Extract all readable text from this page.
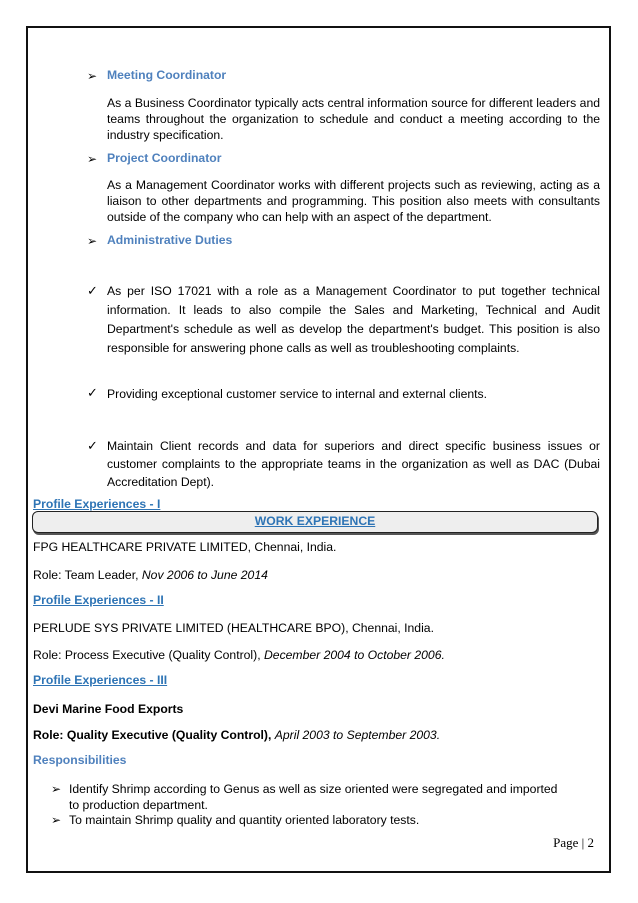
➢ Meeting Coordinator
As a Business Coordinator typically acts central information source for different leaders and teams throughout the organization to schedule and conduct a meeting according to the industry specification.
➢ Project Coordinator
As a Management Coordinator works with different projects such as reviewing, acting as a liaison to other departments and programming. This position also meets with consultants outside of the company who can help with an aspect of the department.
➢ Administrative Duties
✓ As per ISO 17021 with a role as a Management Coordinator to put together technical information. It leads to also compile the Sales and Marketing, Technical and Audit Department's schedule as well as develop the department's budget. This position is also responsible for answering phone calls as well as troubleshooting complaints.
✓ Providing exceptional customer service to internal and external clients.
✓ Maintain Client records and data for superiors and direct specific business issues or customer complaints to the appropriate teams in the organization as well as DAC (Dubai Accreditation Dept).
Profile Experiences - I
WORK EXPERIENCE
FPG HEALTHCARE PRIVATE LIMITED, Chennai, India.
Role: Team Leader, Nov 2006 to June 2014
Profile Experiences - II
PERLUDE SYS PRIVATE LIMITED (HEALTHCARE BPO), Chennai, India.
Role: Process Executive (Quality Control), December 2004 to October 2006.
Profile Experiences - III
Devi Marine Food Exports
Role: Quality Executive (Quality Control), April 2003 to September 2003.
Responsibilities
➢ Identify Shrimp according to Genus as well as size oriented were segregated and imported to production department.
➢ To maintain Shrimp quality and quantity oriented laboratory tests.
Page | 2
